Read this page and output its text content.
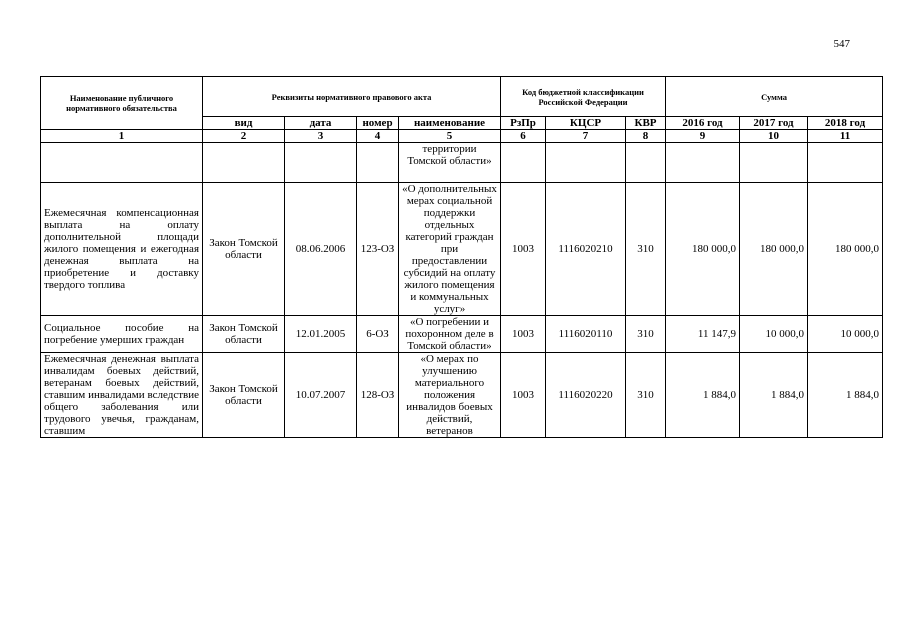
547
Наименование публичного нормативного обязательства	Реквизиты нормативного правового акта				Код бюджетной классификации Российской Федерации			Сумма		
	вид	дата	номер	наименование	РзПр	КЦСР	КВР	2016 год	2017 год	2018 год
1	2	3	4	5	6	7	8	9	10	11
				территории Томской области»						
Ежемесячная компенсационная выплата на оплату дополнительной площади жилого помещения и ежегодная денежная выплата на приобретение и доставку твердого топлива	Закон Томской области	08.06.2006	123-ОЗ	«О дополнительных мерах социальной поддержки отдельных категорий граждан при предоставлении субсидий на оплату жилого помещения и коммунальных услуг»	1003	1116020210	310	180 000,0	180 000,0	180 000,0
Социальное пособие на погребение умерших граждан	Закон Томской области	12.01.2005	6-ОЗ	«О погребении и похоронном деле в Томской области»	1003	1116020110	310	11 147,9	10 000,0	10 000,0
Ежемесячная денежная выплата инвалидам боевых действий, ветеранам боевых действий, ставшим инвалидами вследствие общего заболевания или трудового увечья, гражданам, ставшим	Закон Томской области	10.07.2007	128-ОЗ	«О мерах по улучшению материального положения инвалидов боевых действий, ветеранов	1003	1116020220	310	1 884,0	1 884,0	1 884,0
